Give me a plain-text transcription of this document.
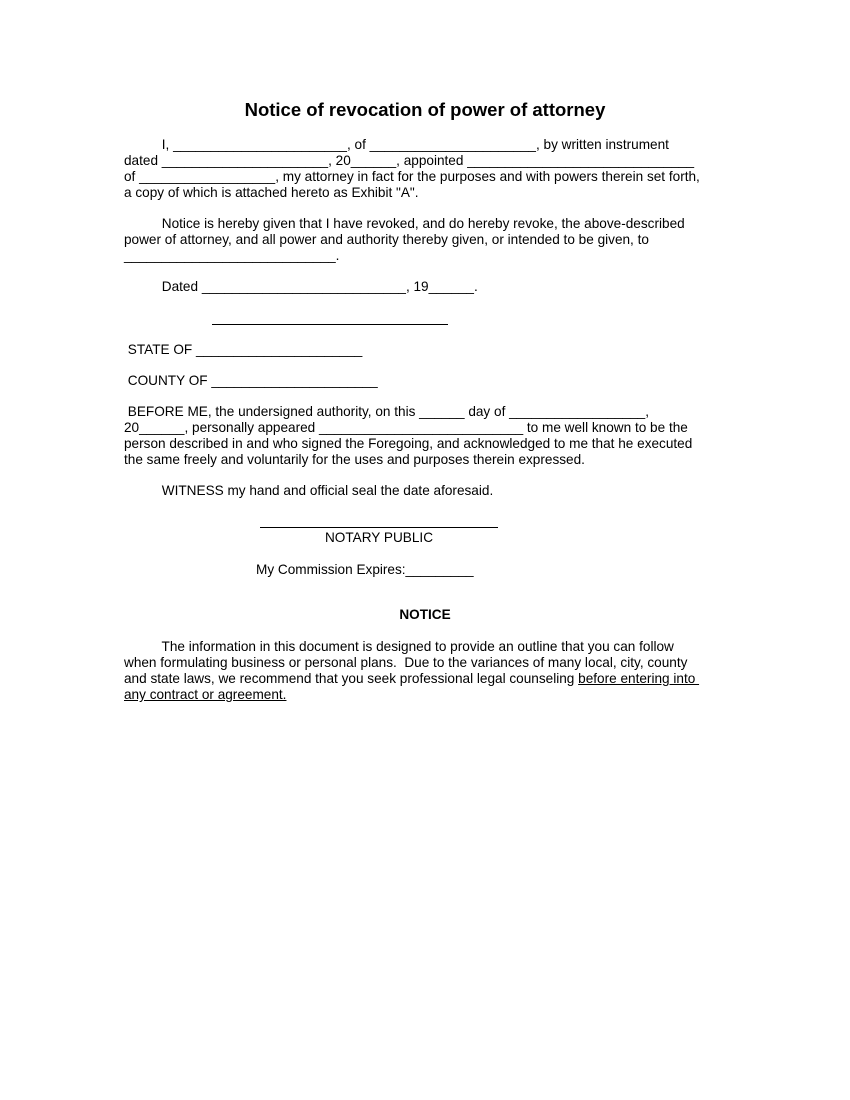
Notice of revocation of power of attorney

I, _______________________, of ______________________, by written instrument

dated ______________________, 20______, appointed ______________________________

of __________________, my attorney in fact for the purposes and with powers therein set forth,

a copy of which is attached hereto as Exhibit "A".

Notice is hereby given that I have revoked, and do hereby revoke, the above-described

power of attorney, and all power and authority thereby given, or intended to be given, to

____________________________.

Dated ___________________________, 19______.

STATE OF ______________________

COUNTY OF ______________________

BEFORE ME, the undersigned authority, on this ______ day of __________________,

20______, personally appeared ___________________________ to me well known to be the

person described in and who signed the Foregoing, and acknowledged to me that he executed

the same freely and voluntarily for the uses and purposes therein expressed.

WITNESS my hand and official seal the date aforesaid.

NOTARY PUBLIC

My Commission Expires:_________

NOTICE

The information in this document is designed to provide an outline that you can follow

when formulating business or personal plans.  Due to the variances of many local, city, county

and state laws, we recommend that you seek professional legal counseling before entering into

any contract or agreement.
